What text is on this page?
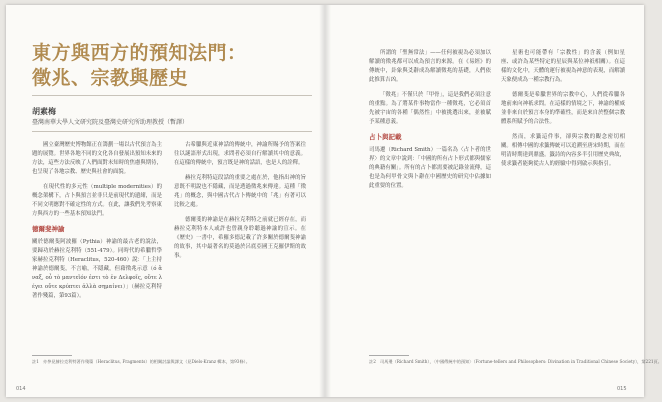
東方與西方的預知法門：
徵兆、宗教與歷史
胡素梅
臺灣南華大學人文研究院及臺灣史研究所助理教授（暫譯）

國立臺灣歷史博物館正在籌劃一場以古代預言為主題的展覽。世界各地不同的文化各自發展出預知未來的方法，這些方法反映了人們面對未知時的焦慮與期待，也呈現了各地宗教、歷史與社會的面貌。

在現代性的多元性（multiple modernities）的概念架構下，占卜與預言並非只是前現代的遺緒，而是不同文明應對不確定性的方式。在此，讓我們先考察東方與西方的一些基本預知法門。

德爾斐神諭

關於德爾斐阿波羅（Pythia）神諭的最古老的說法，要歸功於赫拉克利特（551-479）。同時代的希臘哲學家赫拉克利特（Heraclitus，520-460）說：「上主持神諭於德爾斐，不言喻，不隱藏，但藉徵兆示意（ό ἄναξ, οὗ τὸ μαντεῖόν ἐστι τὸ ἐν Δελφοῖς, οὔτε λέγει οὔτε κρύπτει ἀλλὰ σημαίνει）」（赫拉克利特著作殘篇，第93篇）。

古希臘與近東神話的傳統中，神諭所賜予的答案往往以謎語形式出現，求問者必須自行解讀其中的意義。在這樣的傳統中，預言既是神的話語，也是人的詮釋。

赫拉克利特這段話的重要之處在於，他指出神的旨意既不明說也不隱藏，而是透過徵兆來傳達。這種「徵兆」的概念，與中國古代占卜傳統中的「兆」有著可以比較之處。

德爾斐的神諭是在赫拉克利特之前就已經存在，而赫拉克利特本人或許也曾親身聆聽過神諭的宣示。在《歷史》一書中，希羅多德記載了許多關於德爾斐神諭的故事，其中最著名的莫過於呂底亞國王克羅伊斯的故事。

註1　亦參見赫拉克利特著作殘篇（Heraclitus, Fragments）的相關討論與譯文（見Diels-Kranz 輯本，第93條）。
014

所謂的「聖無常法」——任何被視為必須加以解讀的徵兆都可以成為預言的來源。在《易經》的傳統中，卦象與爻辭成為解讀徵兆的基礎，人們依此推算吉凶。

「徵兆」不僅只於「甲骨」，這是我們必須注意的重點。為了將某件事物當作一種徵兆，它必須首先被宇宙的各種「偶然性」中被挑選出來，並被賦予某種意義。

占卜與記載

司馬遷（Richard Smith）一篇名為〈占卜者的世界〉的文章中說到：「中國的所有占卜形式都與儒家的典籍有關」。所有的占卜都需要被記錄並流傳，這也是為何甲骨文與卜辭在中國歷史的研究中佔據如此重要的位置。

星術也可能帶有「宗教性」的含義（例如星座、或許為某些特定的星辰與某位神祇相關）。在這樣的文化中，天體的運行被視為神意的表現，而解讀天象便成為一種宗教行為。

德爾斐是希臘世界的宗教中心，人們從希臘各地前來向神祇求問。在這樣的情境之下，神諭的權威並非來自於預言本身的準確性，而是來自於整個宗教體系所賦予的合法性。

然而，求籤這件事，卻與宗教的觀念密切相關。相傳中國的求籤傳統可以追溯至唐宋時期，而在明清時期達到鼎盛。籤詩的內容多半引用歷史典故，使求籤者能夠從古人的經驗中得到啟示與指引。

註2　司馬遷（Richard Smith），〈中國傳統中的預知〉（Fortune-tellers and Philosophers: Divination in Traditional Chinese Society），第221頁。
015
